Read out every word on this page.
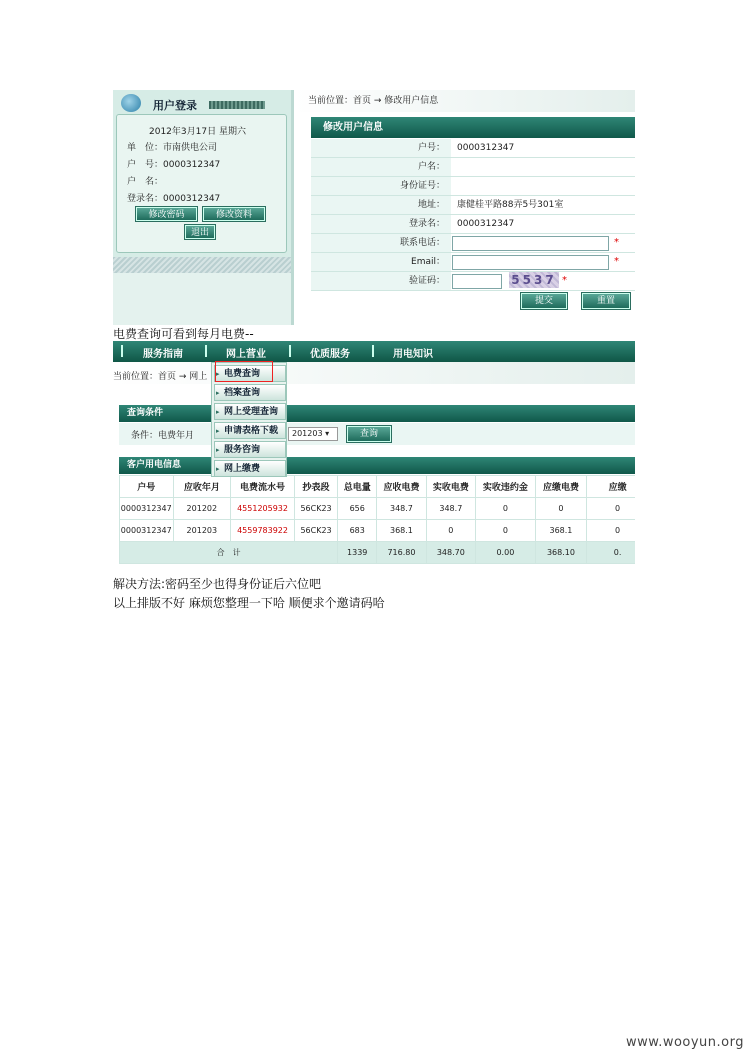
用户登录
2012年3月17日 星期六
单　位：市南供电公司
户　号：0000312347
户　名：
登录名：0000312347
修改密码	修改资料
退出
当前位置：首页 → 修改用户信息
修改用户信息
户号：	0000312347
户名：
身份证号：
地址：	康健桂平路88弄5号301室
登录名：	0000312347
联系电话：	*
Email：	*
验证码：	5537 *
提交	重置
电费查询可看到每月电费--
服务指南	网上营业	优质服务	用电知识
当前位置：首页 → 网上
查询条件
条件：电费年月	201203 ▾	查询
客户用电信息
户号	应收年月	电费流水号	抄表段	总电量	应收电费	实收电费	实收违约金	应缴电费	应缴
0000312347	201202	4551205932	56CK23	656	348.7	348.7	0	0	0
0000312347	201203	4559783922	56CK23	683	368.1	0	0	368.1	0
合　计				1339	716.80	348.70	0.00	368.10	0.
▸ 电费查询
▸ 档案查询
▸ 网上受理查询
▸ 申请表格下载
▸ 服务咨询
▸ 网上缴费
解决方法:密码至少也得身份证后六位吧
以上排版不好 麻烦您整理一下哈 顺便求个邀请码哈
www.wooyun.org
